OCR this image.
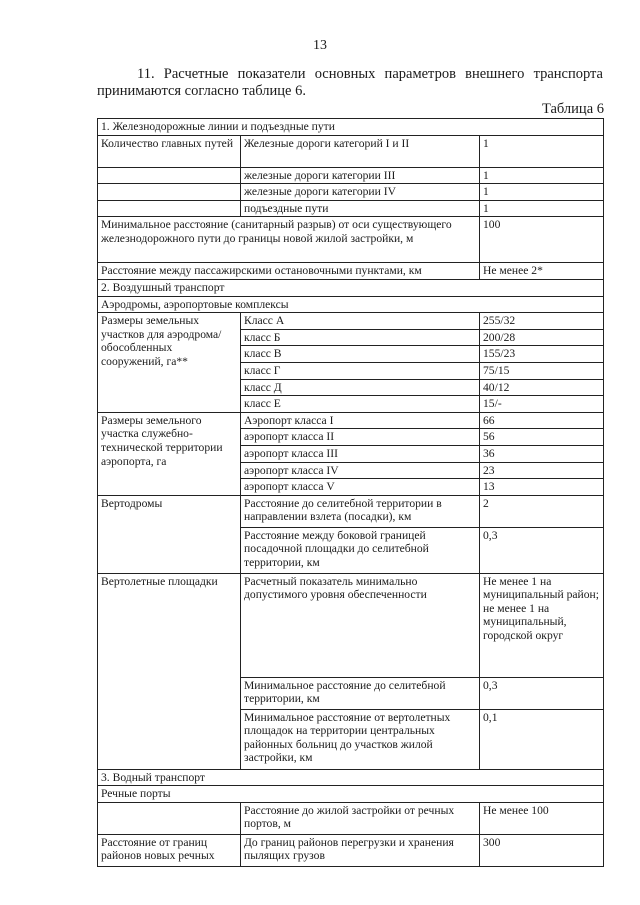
13
11. Расчетные показатели основных параметров внешнего транспорта
принимаются согласно таблице 6.
Таблица 6
1. Железнодорожные линии и подъездные пути		
Количество главных путей	Железные дороги категорий I и II	1
	железные дороги категории III	1
	железные дороги категории IV	1
	подъездные пути	1
Минимальное расстояние (санитарный разрыв) от оси существующего железнодорожного пути до границы новой жилой застройки, м		100
Расстояние между пассажирскими остановочными пунктами, км		Не менее 2*
2. Воздушный транспорт		
Аэродромы, аэропортовые комплексы		
Размеры земельных участков для аэродрома/ обособленных сооружений, га**	Класс А	255/32
	класс Б	200/28
	класс В	155/23
	класс Г	75/15
	класс Д	40/12
	класс Е	15/-
Размеры земельного участка служебно-технической территории аэропорта, га	Аэропорт класса I	66
	аэропорт класса II	56
	аэропорт класса III	36
	аэропорт класса IV	23
	аэропорт класса V	13
Вертодромы	Расстояние до селитебной территории в направлении взлета (посадки), км	2
	Расстояние между боковой границей посадочной площадки до селитебной территории, км	0,3
Вертолетные площадки	Расчетный показатель минимально допустимого уровня обеспеченности	Не менее 1 на муниципальный район; не менее 1 на муниципальный, городской округ
	Минимальное расстояние до селитебной территории, км	0,3
	Минимальное расстояние от вертолетных площадок на территории центральных районных больниц до участков жилой застройки, км	0,1
3. Водный транспорт		
Речные порты		
	Расстояние до жилой застройки от речных портов, м	Не менее 100
Расстояние от границ районов новых речных	До границ районов перегрузки и хранения пылящих грузов	300
